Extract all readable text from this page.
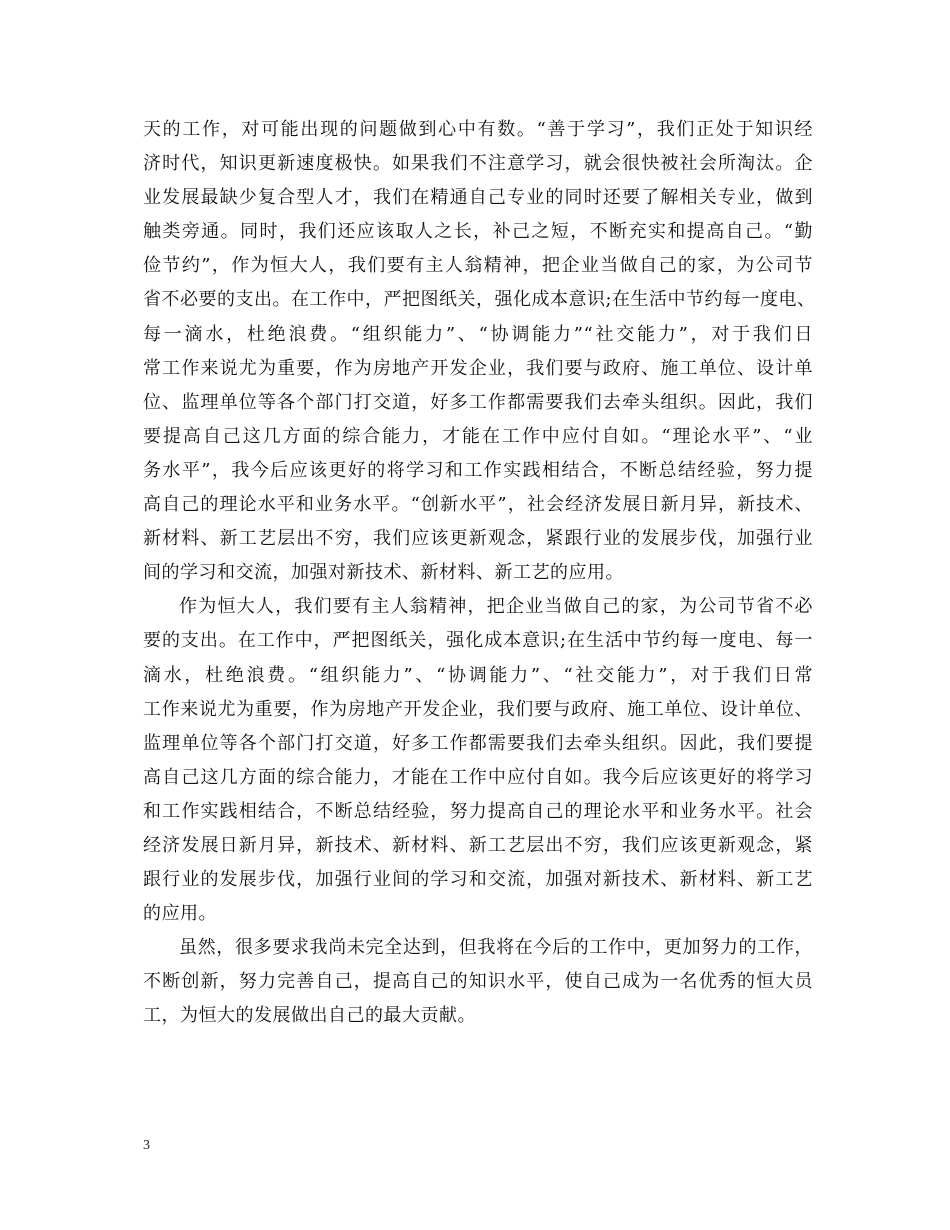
天的工作，对可能出现的问题做到心中有数。“善于学习”，我们正处于知识经
济时代，知识更新速度极快。如果我们不注意学习，就会很快被社会所淘汰。企
业发展最缺少复合型人才，我们在精通自己专业的同时还要了解相关专业，做到
触类旁通。同时，我们还应该取人之长，补己之短，不断充实和提高自己。“勤
俭节约”，作为恒大人，我们要有主人翁精神，把企业当做自己的家，为公司节
省不必要的支出。在工作中，严把图纸关，强化成本意识;在生活中节约每一度电、
每一滴水，杜绝浪费。“组织能力”、“协调能力”“社交能力”，对于我们日
常工作来说尤为重要，作为房地产开发企业，我们要与政府、施工单位、设计单
位、监理单位等各个部门打交道，好多工作都需要我们去牵头组织。因此，我们
要提高自己这几方面的综合能力，才能在工作中应付自如。“理论水平”、“业
务水平”，我今后应该更好的将学习和工作实践相结合，不断总结经验，努力提
高自己的理论水平和业务水平。“创新水平”，社会经济发展日新月异，新技术、
新材料、新工艺层出不穷，我们应该更新观念，紧跟行业的发展步伐，加强行业
间的学习和交流，加强对新技术、新材料、新工艺的应用。
作为恒大人，我们要有主人翁精神，把企业当做自己的家，为公司节省不必
要的支出。在工作中，严把图纸关，强化成本意识;在生活中节约每一度电、每一
滴水，杜绝浪费。“组织能力”、“协调能力”、“社交能力”，对于我们日常
工作来说尤为重要，作为房地产开发企业，我们要与政府、施工单位、设计单位、
监理单位等各个部门打交道，好多工作都需要我们去牵头组织。因此，我们要提
高自己这几方面的综合能力，才能在工作中应付自如。我今后应该更好的将学习
和工作实践相结合，不断总结经验，努力提高自己的理论水平和业务水平。社会
经济发展日新月异，新技术、新材料、新工艺层出不穷，我们应该更新观念，紧
跟行业的发展步伐，加强行业间的学习和交流，加强对新技术、新材料、新工艺
的应用。
虽然，很多要求我尚未完全达到，但我将在今后的工作中，更加努力的工作，
不断创新，努力完善自己，提高自己的知识水平，使自己成为一名优秀的恒大员
工，为恒大的发展做出自己的最大贡献。
3
